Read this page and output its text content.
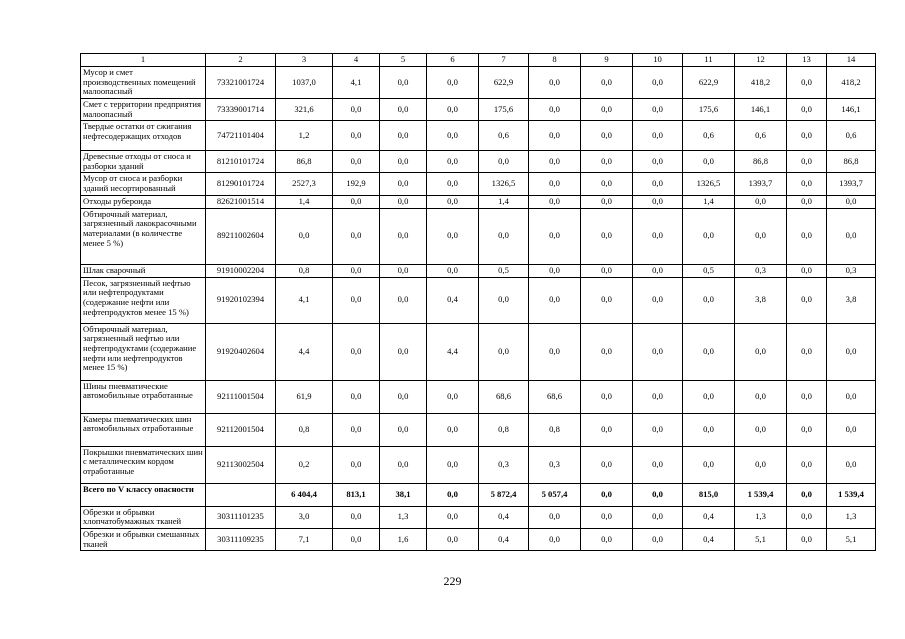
1	2	3	4	5	6	7	8	9	10	11	12	13	14
Мусор и смет производственных помещений малоопасный	73321001724	1037,0	4,1	0,0	0,0	622,9	0,0	0,0	0,0	622,9	418,2	0,0	418,2
Смет с территории предприятия малоопасный	73339001714	321,6	0,0	0,0	0,0	175,6	0,0	0,0	0,0	175,6	146,1	0,0	146,1
Твердые остатки от сжигания нефтесодержащих отходов	74721101404	1,2	0,0	0,0	0,0	0,6	0,0	0,0	0,0	0,6	0,6	0,0	0,6
Древесные отходы от сноса и разборки зданий	81210101724	86,8	0,0	0,0	0,0	0,0	0,0	0,0	0,0	0,0	86,8	0,0	86,8
Мусор от сноса и разборки зданий несортированный	81290101724	2527,3	192,9	0,0	0,0	1326,5	0,0	0,0	0,0	1326,5	1393,7	0,0	1393,7
Отходы рубероида	82621001514	1,4	0,0	0,0	0,0	1,4	0,0	0,0	0,0	1,4	0,0	0,0	0,0
Обтирочный материал, загрязненный лакокрасочными материалами (в количестве менее 5 %)	89211002604	0,0	0,0	0,0	0,0	0,0	0,0	0,0	0,0	0,0	0,0	0,0	0,0
Шлак сварочный	91910002204	0,8	0,0	0,0	0,0	0,5	0,0	0,0	0,0	0,5	0,3	0,0	0,3
Песок, загрязненный нефтью или нефтепродуктами (содержание нефти или нефтепродуктов менее 15 %)	91920102394	4,1	0,0	0,0	0,4	0,0	0,0	0,0	0,0	0,0	3,8	0,0	3,8
Обтирочный материал, загрязненный нефтью или нефтепродуктами (содержание нефти или нефтепродуктов менее 15 %)	91920402604	4,4	0,0	0,0	4,4	0,0	0,0	0,0	0,0	0,0	0,0	0,0	0,0
Шины пневматические автомобильные отработанные	92111001504	61,9	0,0	0,0	0,0	68,6	68,6	0,0	0,0	0,0	0,0	0,0	0,0
Камеры пневматических шин автомобильных отработанные	92112001504	0,8	0,0	0,0	0,0	0,8	0,8	0,0	0,0	0,0	0,0	0,0	0,0
Покрышки пневматических шин с металлическим кордом отработанные	92113002504	0,2	0,0	0,0	0,0	0,3	0,3	0,0	0,0	0,0	0,0	0,0	0,0
Всего по V классу опасности		6 404,4	813,1	38,1	0,0	5 872,4	5 057,4	0,0	0,0	815,0	1 539,4	0,0	1 539,4
Обрезки и обрывки хлопчатобумажных тканей	30311101235	3,0	0,0	1,3	0,0	0,4	0,0	0,0	0,0	0,4	1,3	0,0	1,3
Обрезки и обрывки смешанных тканей	30311109235	7,1	0,0	1,6	0,0	0,4	0,0	0,0	0,0	0,4	5,1	0,0	5,1
229
